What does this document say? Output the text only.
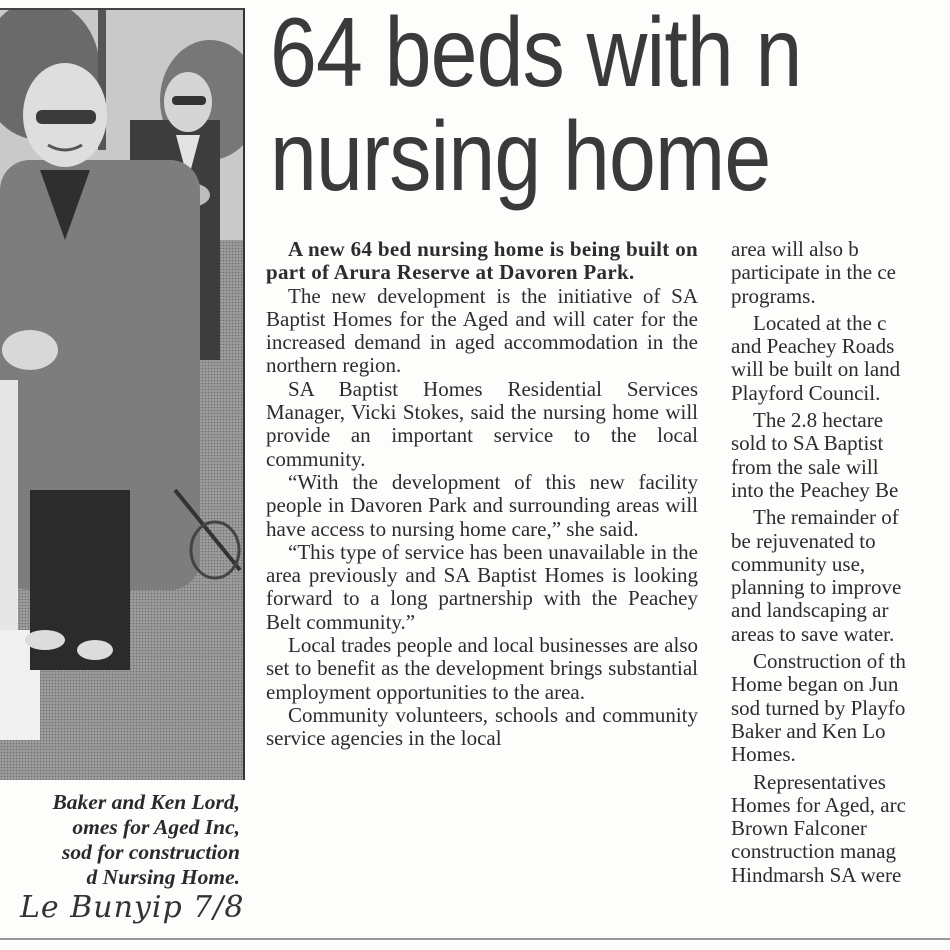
64 beds with n
nursing home
Baker and Ken Lord,
omes for Aged Inc,
sod for construction
d Nursing Home.
Le Bunyip 7/8

A new 64 bed nursing home is being built on part of Arura Reserve at Davoren Park.

The new development is the initiative of SA Baptist Homes for the Aged and will cater for the increased demand in aged accommodation in the northern region.

SA Baptist Homes Residential Services Manager, Vicki Stokes, said the nursing home will provide an important service to the local community.

“With the development of this new facility people in Davoren Park and surrounding areas will have access to nursing home care,” she said.

“This type of service has been unavailable in the area previously and SA Baptist Homes is looking forward to a long partnership with the Peachey Belt community.”

Local trades people and local businesses are also set to benefit as the development brings substantial employment opportunities to the area.

Community volunteers, schools and community service agencies in the local

area will also b

participate in the ce

programs.

Located at the c

and Peachey Roads

will be built on land

Playford Council.

The 2.8 hectare

sold to SA Baptist

from the sale will

into the Peachey Be

The remainder of

be rejuvenated to

community use,

planning to improve

and landscaping ar

areas to save water.

Construction of th

Home began on Jun

sod turned by Playfo

Baker and Ken Lo

Homes.

Representatives

Homes for Aged, arc

Brown Falconer

construction manag

Hindmarsh SA were
